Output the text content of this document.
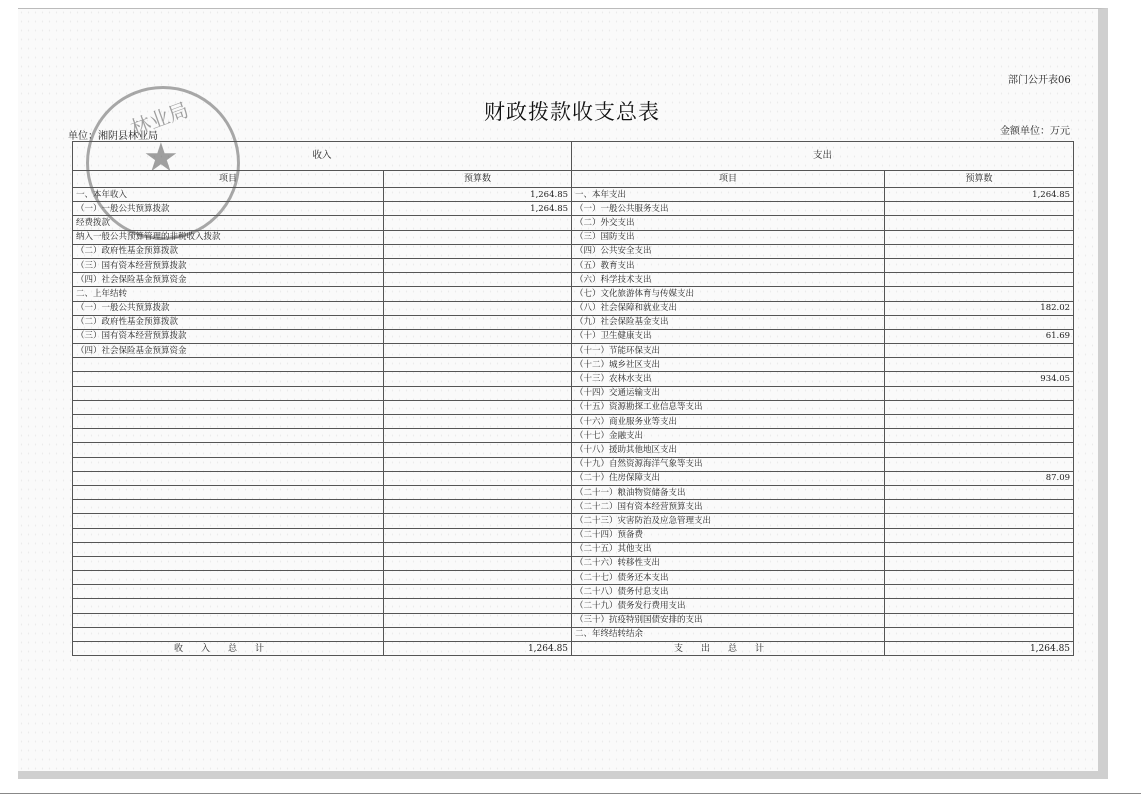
部门公开表06
财政拨款收支总表
单位：湘阴县林业局	金额单位：万元
林业局
★	收入		支出	
项目	预算数	项目	预算数
一、本年收入	1,264.85	一、本年支出	1,264.85
（一）一般公共预算拨款	1,264.85	（一）一般公共服务支出	
经费拨款		（二）外交支出	
纳入一般公共预算管理的非税收入拨款		（三）国防支出	
（二）政府性基金预算拨款		（四）公共安全支出	
（三）国有资本经营预算拨款		（五）教育支出	
（四）社会保险基金预算资金		（六）科学技术支出	
二、上年结转		（七）文化旅游体育与传媒支出	
（一）一般公共预算拨款		（八）社会保障和就业支出	182.02
（二）政府性基金预算拨款		（九）社会保险基金支出	
（三）国有资本经营预算拨款		（十）卫生健康支出	61.69
（四）社会保险基金预算资金		（十一）节能环保支出	
		（十二）城乡社区支出	
		（十三）农林水支出	934.05
		（十四）交通运输支出	
		（十五）资源勘探工业信息等支出	
		（十六）商业服务业等支出	
		（十七）金融支出	
		（十八）援助其他地区支出	
		（十九）自然资源海洋气象等支出	
		（二十）住房保障支出	87.09
		（二十一）粮油物资储备支出	
		（二十二）国有资本经营预算支出	
		（二十三）灾害防治及应急管理支出	
		（二十四）预备费	
		（二十五）其他支出	
		（二十六）转移性支出	
		（二十七）债务还本支出	
		（二十八）债务付息支出	
		（二十九）债务发行费用支出	
		（三十）抗疫特别国债安排的支出	
		二、年终结转结余	
收入总计	1,264.85	支出总计	1,264.85
